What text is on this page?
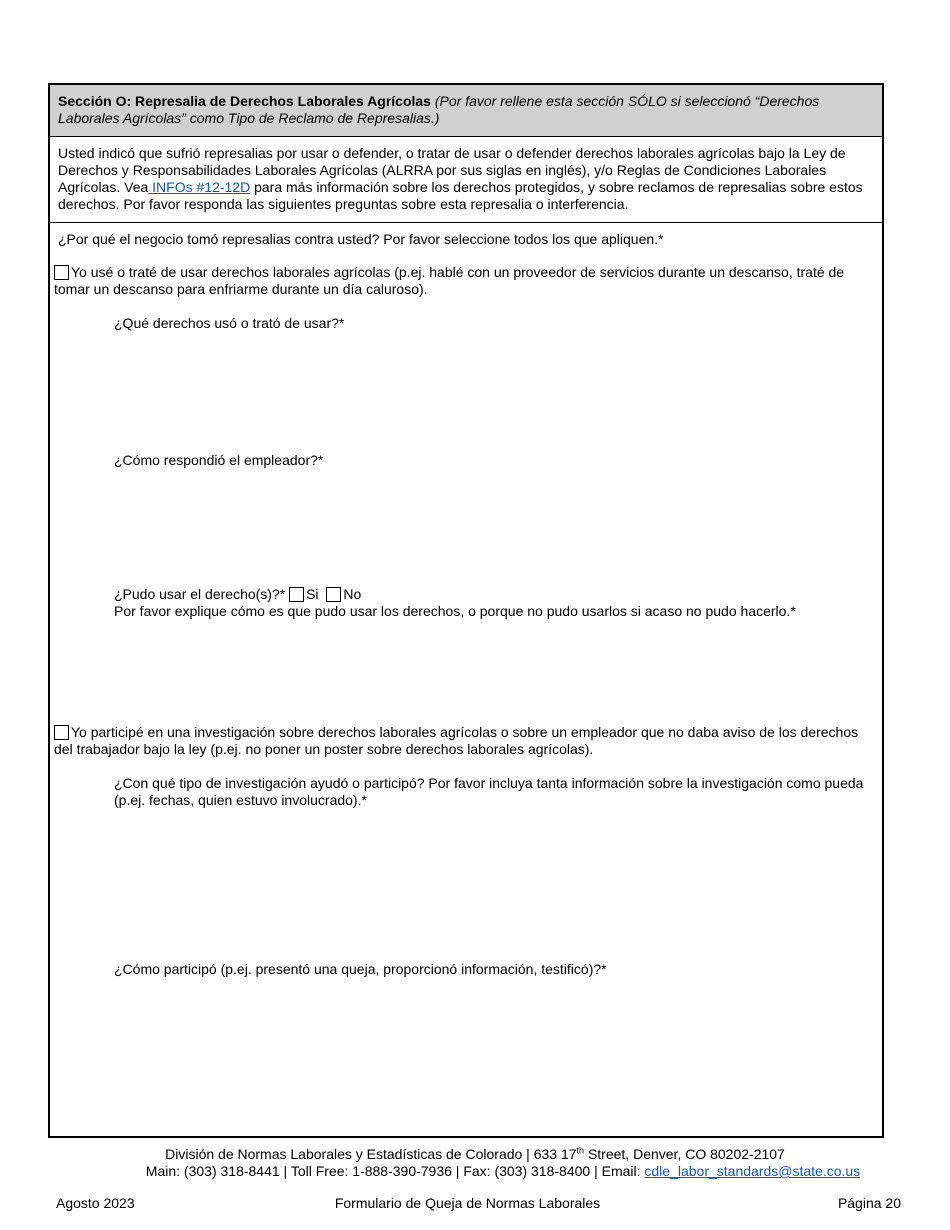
Sección O: Represalia de Derechos Laborales Agrícolas (Por favor rellene esta sección SÓLO si seleccionó “Derechos Laborales Agrícolas” como Tipo de Reclamo de Represalias.)
Usted indicó que sufrió represalias por usar o defender, o tratar de usar o defender derechos laborales agrícolas bajo la Ley de Derechos y Responsabilidades Laborales Agrícolas (ALRRA por sus siglas en inglés), y/o Reglas de Condiciones Laborales Agrícolas. Vea INFOs #12-12D para más información sobre los derechos protegidos, y sobre reclamos de represalias sobre estos derechos. Por favor responda las siguientes preguntas sobre esta represalia o interferencia.
¿Por qué el negocio tomó represalias contra usted? Por favor seleccione todos los que apliquen.*
Yo usé o traté de usar derechos laborales agrícolas (p.ej. hablé con un proveedor de servicios durante un descanso, traté de tomar un descanso para enfriarme durante un día caluroso).
¿Qué derechos usó o trató de usar?*
¿Cómo respondió el empleador?*
¿Pudo usar el derecho(s)?* Si No
Por favor explique cómo es que pudo usar los derechos, o porque no pudo usarlos si acaso no pudo hacerlo.*
Yo participé en una investigación sobre derechos laborales agrícolas o sobre un empleador que no daba aviso de los derechos del trabajador bajo la ley (p.ej. no poner un poster sobre derechos laborales agrícolas).
¿Con qué tipo de investigación ayudó o participó? Por favor incluya tanta información sobre la investigación como pueda (p.ej. fechas, quien estuvo involucrado).*
¿Cómo participó (p.ej. presentó una queja, proporcionó información, testificó)?*
División de Normas Laborales y Estadísticas de Colorado | 633 17th Street, Denver, CO 80202-2107
Main: (303) 318-8441 | Toll Free: 1-888-390-7936 | Fax: (303) 318-8400 | Email: cdle_labor_standards@state.co.us
Agosto 2023	Formulario de Queja de Normas Laborales	Página 20
